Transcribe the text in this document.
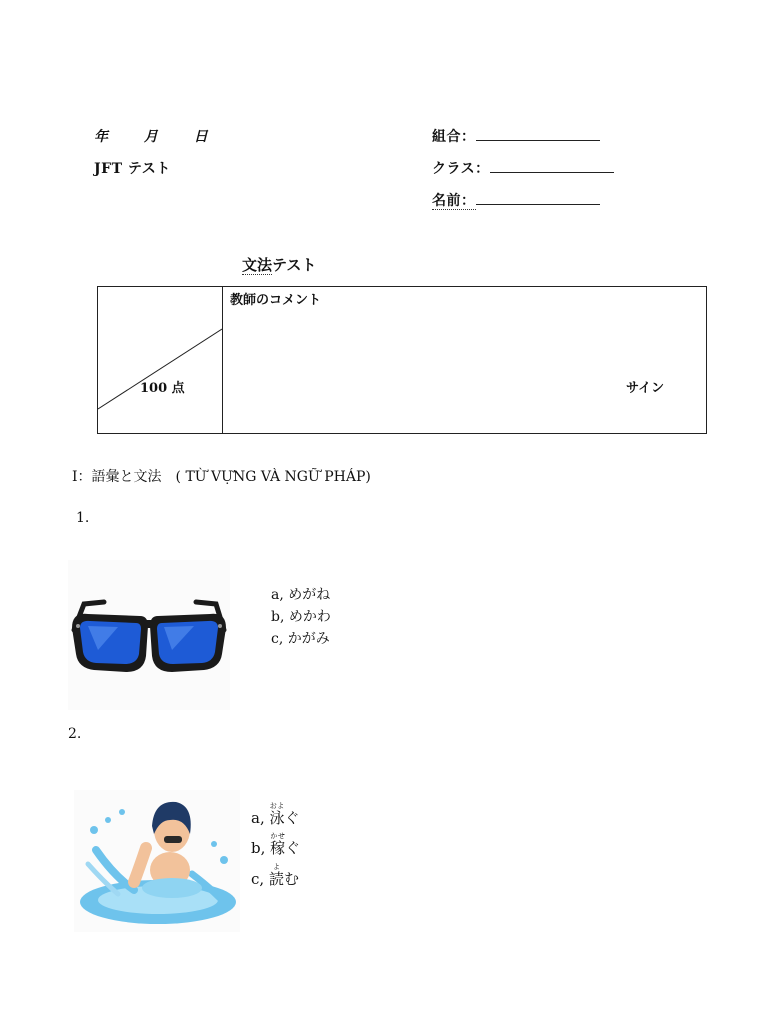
年	月	日
JFT テスト
組合：
クラス：
名前：
文法テスト
100 点
教師のコメント
サイン
Ⅰ：語彙と文法　( TỪ VỰNG VÀ NGỮ PHÁP)
1.
a, めがね
b, めかわ
c, かがみ
2.
a, 泳およぐ
b, 稼かせぐ
c, 読よむ
